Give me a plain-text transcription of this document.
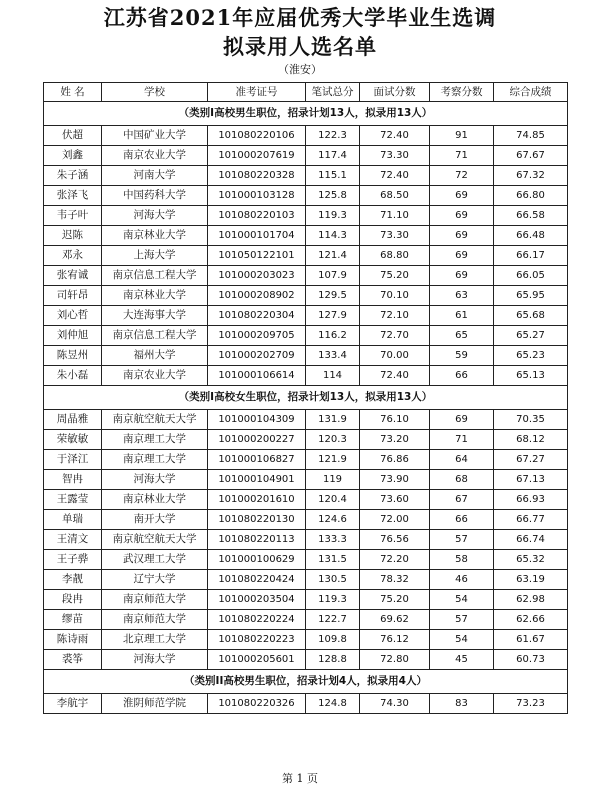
江苏省2021年应届优秀大学毕业生选调
拟录用人选名单
（淮安）
姓 名	学校	准考证号	笔试总分	面试分数	考察分数	综合成绩
（类别I高校男生职位，招录计划13人，拟录用13人）						
伏超	中国矿业大学	101080220106	122.3	72.40	91	74.85
刘鑫	南京农业大学	101000207619	117.4	73.30	71	67.67
朱子涵	河南大学	101080220328	115.1	72.40	72	67.32
张泽飞	中国药科大学	101000103128	125.8	68.50	69	66.80
韦子叶	河海大学	101080220103	119.3	71.10	69	66.58
迟陈	南京林业大学	101000101704	114.3	73.30	69	66.48
邓永	上海大学	101050122101	121.4	68.80	69	66.17
张宥诚	南京信息工程大学	101000203023	107.9	75.20	69	66.05
司轩昂	南京林业大学	101000208902	129.5	70.10	63	65.95
刘心哲	大连海事大学	101080220304	127.9	72.10	61	65.68
刘仲旭	南京信息工程大学	101000209705	116.2	72.70	65	65.27
陈昱州	福州大学	101000202709	133.4	70.00	59	65.23
朱小磊	南京农业大学	101000106614	114	72.40	66	65.13
（类别I高校女生职位，招录计划13人，拟录用13人）						
周晶雅	南京航空航天大学	101000104309	131.9	76.10	69	70.35
荣敏敏	南京理工大学	101000200227	120.3	73.20	71	68.12
于泽江	南京理工大学	101000106827	121.9	76.86	64	67.27
智冉	河海大学	101000104901	119	73.90	68	67.13
王露莹	南京林业大学	101000201610	120.4	73.60	67	66.93
单瑞	南开大学	101080220130	124.6	72.00	66	66.77
王清文	南京航空航天大学	101080220113	133.3	76.56	57	66.74
王子骅	武汉理工大学	101000100629	131.5	72.20	58	65.32
李靓	辽宁大学	101080220424	130.5	78.32	46	63.19
段冉	南京师范大学	101000203504	119.3	75.20	54	62.98
缪苗	南京师范大学	101080220224	122.7	69.62	57	62.66
陈诗雨	北京理工大学	101080220223	109.8	76.12	54	61.67
裘筝	河海大学	101000205601	128.8	72.80	45	60.73
（类别II高校男生职位，招录计划4人，拟录用4人）						
李航宇	淮阴师范学院	101080220326	124.8	74.30	83	73.23
第 1 页
